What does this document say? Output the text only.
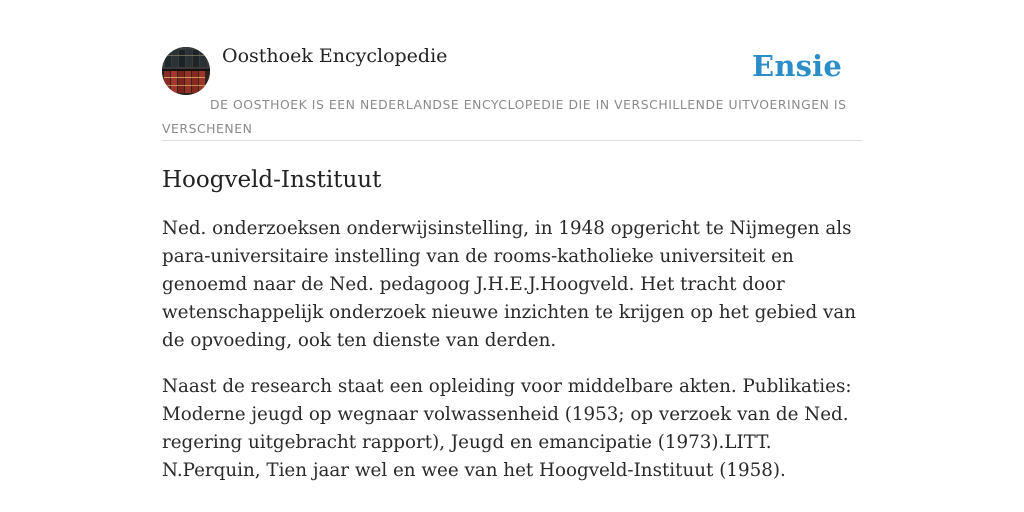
Oosthoek Encyclopedie	Ensie

DE OOSTHOEK IS EEN NEDERLANDSE ENCYCLOPEDIE DIE IN VERSCHILLENDE UITVOERINGEN IS VERSCHENEN

Hoogveld-Instituut

Ned. onderzoeksen onderwijsinstelling, in 1948 opgericht te Nijmegen als para-universitaire instelling van de rooms-katholieke universiteit en genoemd naar de Ned. pedagoog J.H.E.J.Hoogveld. Het tracht door wetenschappelijk onderzoek nieuwe inzichten te krijgen op het gebied van de opvoeding, ook ten dienste van derden.

Naast de research staat een opleiding voor middelbare akten. Publikaties: Moderne jeugd op wegnaar volwassenheid (1953; op verzoek van de Ned. regering uitgebracht rapport), Jeugd en emancipatie (1973).LITT. N.Perquin, Tien jaar wel en wee van het Hoogveld-Instituut (1958).
